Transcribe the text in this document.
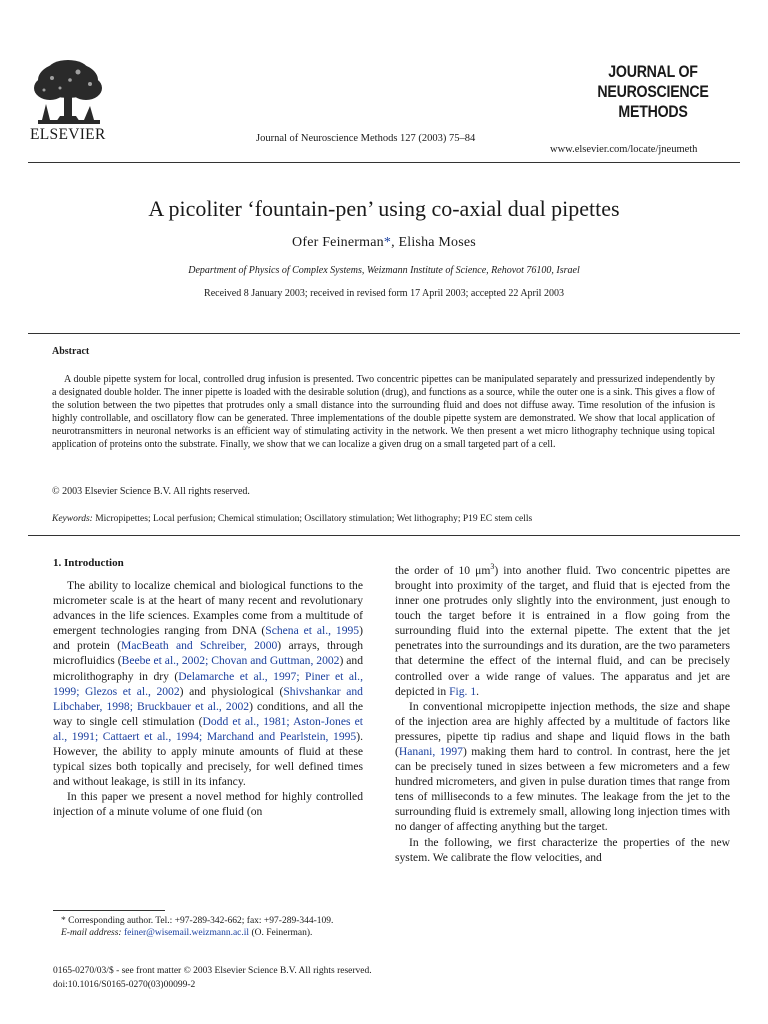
ELSEVIER
JOURNAL OF
NEUROSCIENCE
METHODS
Journal of Neuroscience Methods 127 (2003) 75–84
www.elsevier.com/locate/jneumeth
A picoliter ‘fountain-pen’ using co-axial dual pipettes
Ofer Feinerman*, Elisha Moses
Department of Physics of Complex Systems, Weizmann Institute of Science, Rehovot 76100, Israel
Received 8 January 2003; received in revised form 17 April 2003; accepted 22 April 2003
Abstract

A double pipette system for local, controlled drug infusion is presented. Two concentric pipettes can be manipulated separately and pressurized independently by a designated double holder. The inner pipette is loaded with the desirable solution (drug), and functions as a source, while the outer one is a sink. This gives a flow of the solution between the two pipettes that protrudes only a small distance into the surrounding fluid and does not diffuse away. Time resolution of the infusion is highly controllable, and oscillatory flow can be generated. Three implementations of the double pipette system are demonstrated. We show that local application of neurotransmitters in neuronal networks is an efficient way of stimulating activity in the network. We then present a wet micro lithography technique using topical application of proteins onto the substrate. Finally, we show that we can localize a given drug on a small targeted part of a cell.

© 2003 Elsevier Science B.V. All rights reserved.
Keywords: Micropipettes; Local perfusion; Chemical stimulation; Oscillatory stimulation; Wet lithography; P19 EC stem cells
1. Introduction

The ability to localize chemical and biological functions to the micrometer scale is at the heart of many recent and revolutionary advances in the life sciences. Examples come from a multitude of emergent technologies ranging from DNA (Schena et al., 1995) and protein (MacBeath and Schreiber, 2000) arrays, through microfluidics (Beebe et al., 2002; Chovan and Guttman, 2002) and microlithography in dry (Delamarche et al., 1997; Piner et al., 1999; Glezos et al., 2002) and physiological (Shivshankar and Libchaber, 1998; Bruckbauer et al., 2002) conditions, and all the way to single cell stimulation (Dodd et al., 1981; Aston-Jones et al., 1991; Cattaert et al., 1994; Marchand and Pearlstein, 1995). However, the ability to apply minute amounts of fluid at these typical sizes both topically and precisely, for well defined times and without leakage, is still in its infancy.

In this paper we present a novel method for highly controlled injection of a minute volume of one fluid (on

the order of 10 $\mu m^3$) into another fluid. Two concentric pipettes are brought into proximity of the target, and fluid that is ejected from the inner one protrudes only slightly into the environment, just enough to touch the target before it is entrained in a flow going from the surrounding fluid into the external pipette. The extent that the jet penetrates into the surroundings and its duration, are the two parameters that determine the effect of the internal fluid, and can be precisely controlled over a wide range of values. The apparatus and jet are depicted in Fig. 1.

In conventional micropipette injection methods, the size and shape of the injection area are highly affected by a multitude of factors like pressures, pipette tip radius and shape and liquid flows in the bath (Hanani, 1997) making them hard to control. In contrast, here the jet can be precisely tuned in sizes between a few micrometers and a few hundred micrometers, and given in pulse duration times that range from tens of milliseconds to a few minutes. The leakage from the jet to the surrounding fluid is extremely small, allowing long injection times with no danger of affecting anything but the target.

In the following, we first characterize the properties of the new system. We calibrate the flow velocities, and

* Corresponding author. Tel.: +97-289-342-662; fax: +97-289-344-109.
E-mail address: feiner@wisemail.weizmann.ac.il (O. Feinerman).
0165-0270/03/$ - see front matter © 2003 Elsevier Science B.V. All rights reserved.
doi:10.1016/S0165-0270(03)00099-2
